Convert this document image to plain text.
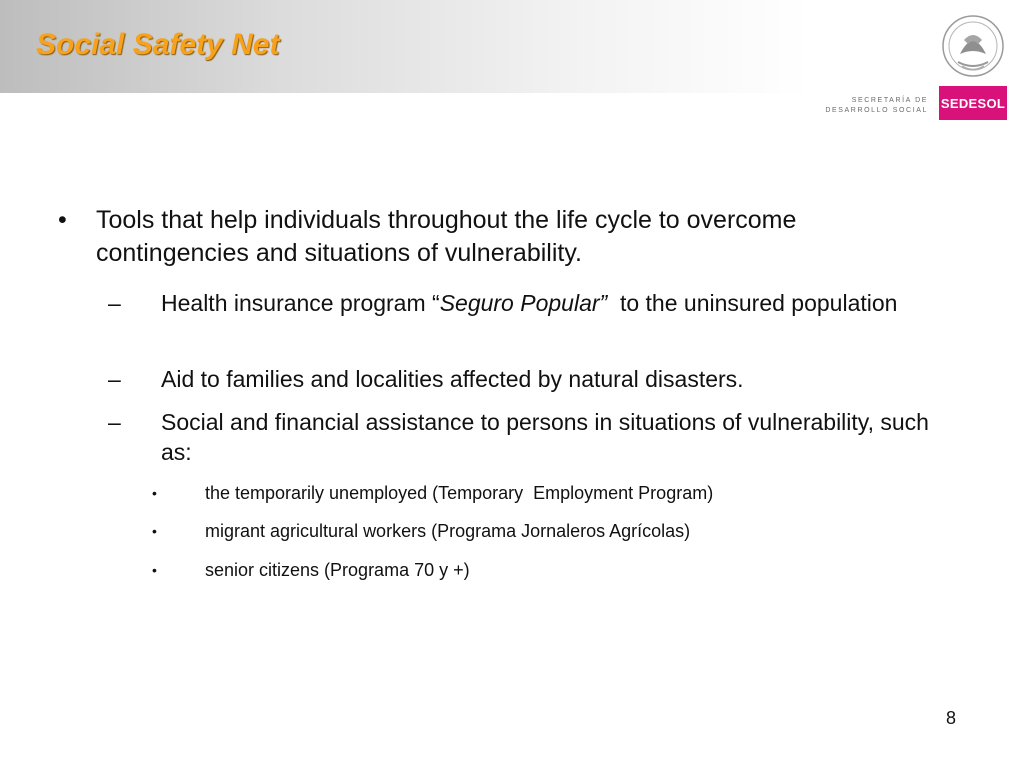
Social Safety Net
SECRETARÍA DE
DESARROLLO SOCIAL SEDESOL
• Tools that help individuals throughout the life cycle to overcome contingencies and situations of vulnerability.
– Health insurance program “Seguro Popular”  to the uninsured population
– Aid to families and localities affected by natural disasters.
– Social and financial assistance to persons in situations of vulnerability, such as:
•	the temporarily unemployed (Temporary  Employment Program)
•	migrant agricultural workers (Programa Jornaleros Agrícolas)
•	senior citizens (Programa 70 y +)
8
